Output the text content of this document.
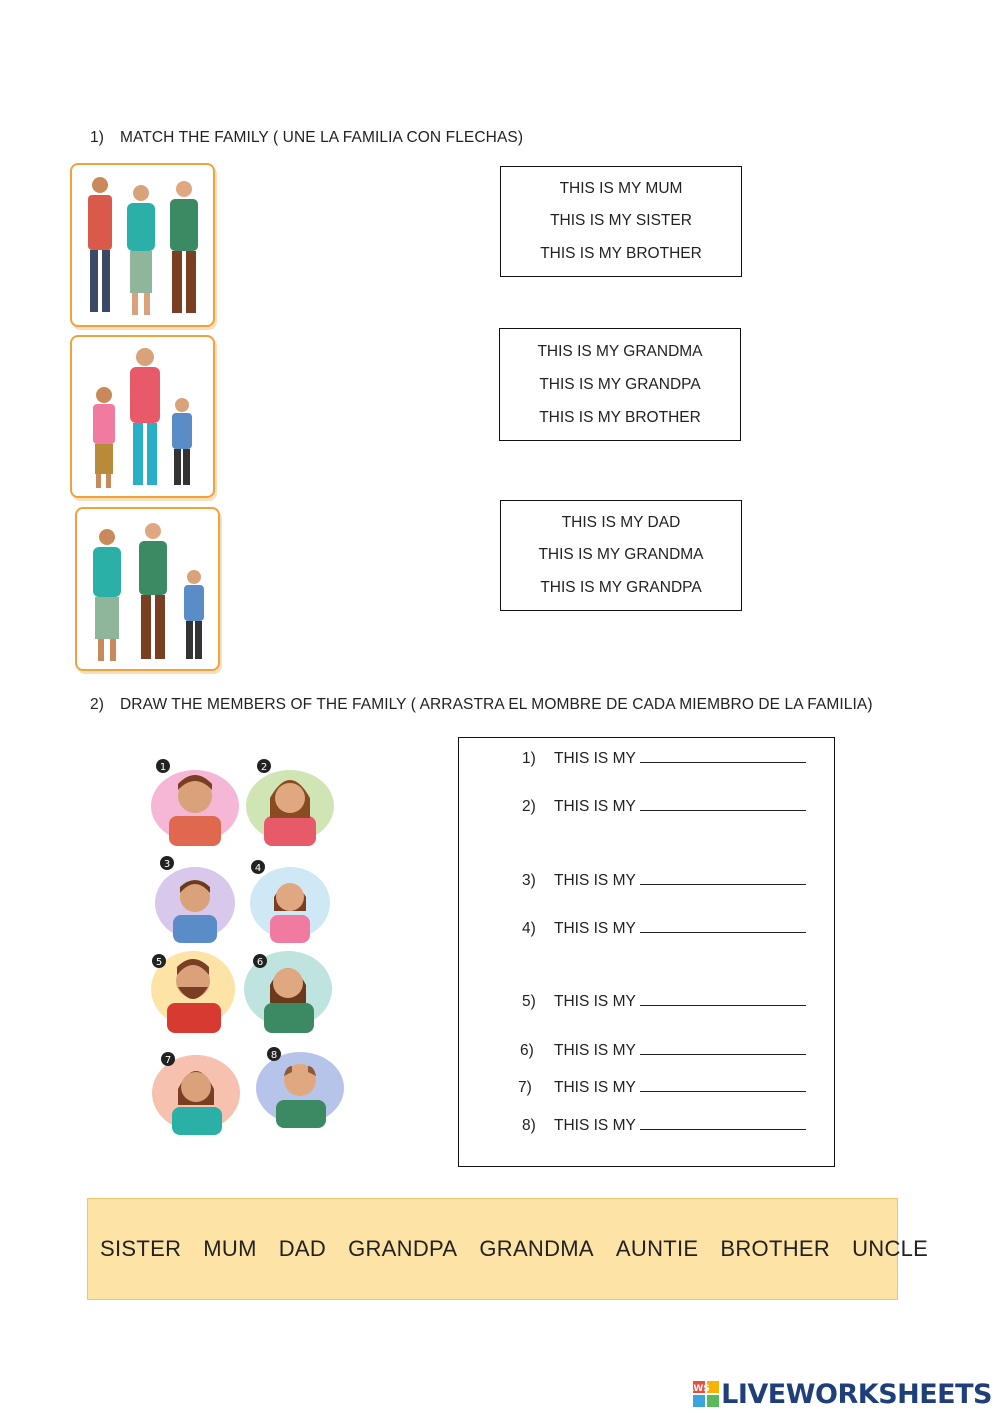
1) MATCH THE FAMILY ( UNE LA FAMILIA CON FLECHAS)
THIS IS MY MUM
THIS IS MY SISTER
THIS IS MY BROTHER
THIS IS MY GRANDMA
THIS IS MY GRANDPA
THIS IS MY BROTHER
THIS IS MY DAD
THIS IS MY GRANDMA
THIS IS MY GRANDPA
2) DRAW THE MEMBERS OF THE FAMILY ( ARRASTRA EL MOMBRE DE CADA MIEMBRO DE LA FAMILIA)
1	2
3	4
5	6
7	8
1) THIS IS MY
2) THIS IS MY
3) THIS IS MY
4) THIS IS MY
5) THIS IS MY
6) THIS IS MY
7) THIS IS MY
8) THIS IS MY
SISTER MUM DAD GRANDPA GRANDMA AUNTIE BROTHER UNCLE
LWS LIVEWORKSHEETS
